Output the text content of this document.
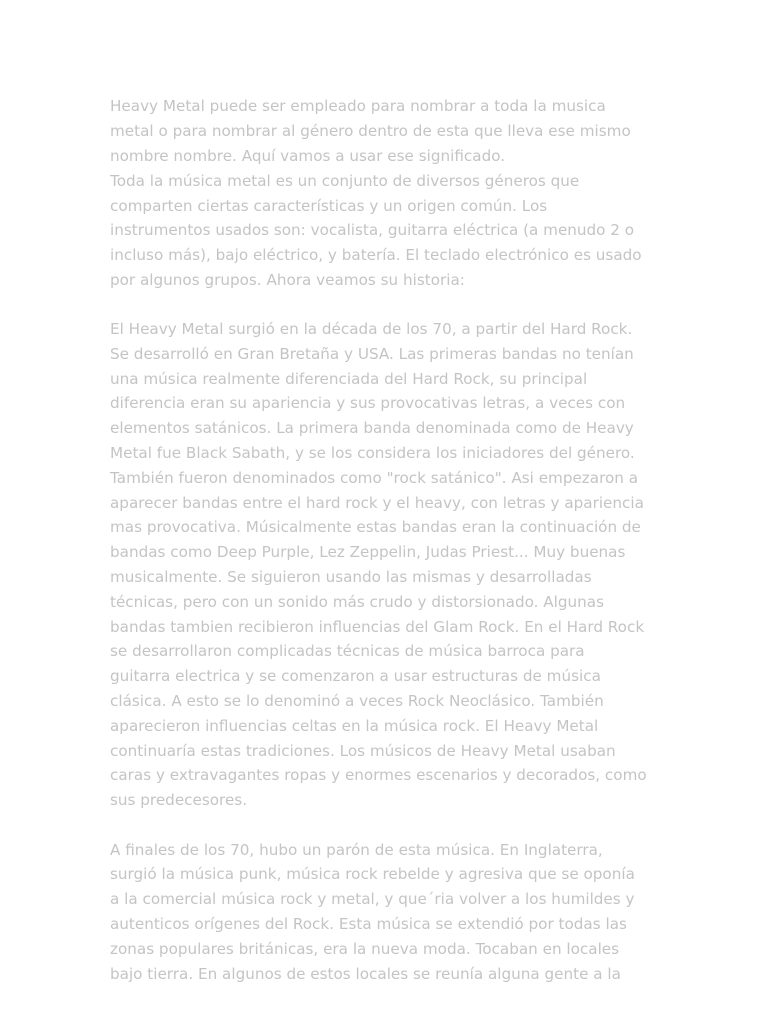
Heavy Metal puede ser empleado para nombrar a toda la musica
metal o para nombrar al género dentro de esta que lleva ese mismo
nombre nombre. Aquí vamos a usar ese significado.
Toda la música metal es un conjunto de diversos géneros que
comparten ciertas características y un origen común. Los
instrumentos usados son: vocalista, guitarra eléctrica (a menudo 2 o
incluso más), bajo eléctrico, y batería. El teclado electrónico es usado
por algunos grupos. Ahora veamos su historia:
El Heavy Metal surgió en la década de los 70, a partir del Hard Rock.
Se desarrolló en Gran Bretaña y USA. Las primeras bandas no tenían
una música realmente diferenciada del Hard Rock, su principal
diferencia eran su apariencia y sus provocativas letras, a veces con
elementos satánicos. La primera banda denominada como de Heavy
Metal fue Black Sabath, y se los considera los iniciadores del género.
También fueron denominados como "rock satánico". Asi empezaron a
aparecer bandas entre el hard rock y el heavy, con letras y apariencia
mas provocativa. Músicalmente estas bandas eran la continuación de
bandas como Deep Purple, Lez Zeppelin, Judas Priest... Muy buenas
musicalmente. Se siguieron usando las mismas y desarrolladas
técnicas, pero con un sonido más crudo y distorsionado. Algunas
bandas tambien recibieron influencias del Glam Rock. En el Hard Rock
se desarrollaron complicadas técnicas de música barroca para
guitarra electrica y se comenzaron a usar estructuras de música
clásica. A esto se lo denominó a veces Rock Neoclásico. También
aparecieron influencias celtas en la música rock. El Heavy Metal
continuaría estas tradiciones. Los músicos de Heavy Metal usaban
caras y extravagantes ropas y enormes escenarios y decorados, como
sus predecesores.
A finales de los 70, hubo un parón de esta música. En Inglaterra,
surgió la música punk, música rock rebelde y agresiva que se oponía
a la comercial música rock y metal, y que´ria volver a los humildes y
autenticos orígenes del Rock. Esta música se extendió por todas las
zonas populares británicas, era la nueva moda. Tocaban en locales
bajo tierra. En algunos de estos locales se reunía alguna gente a la
